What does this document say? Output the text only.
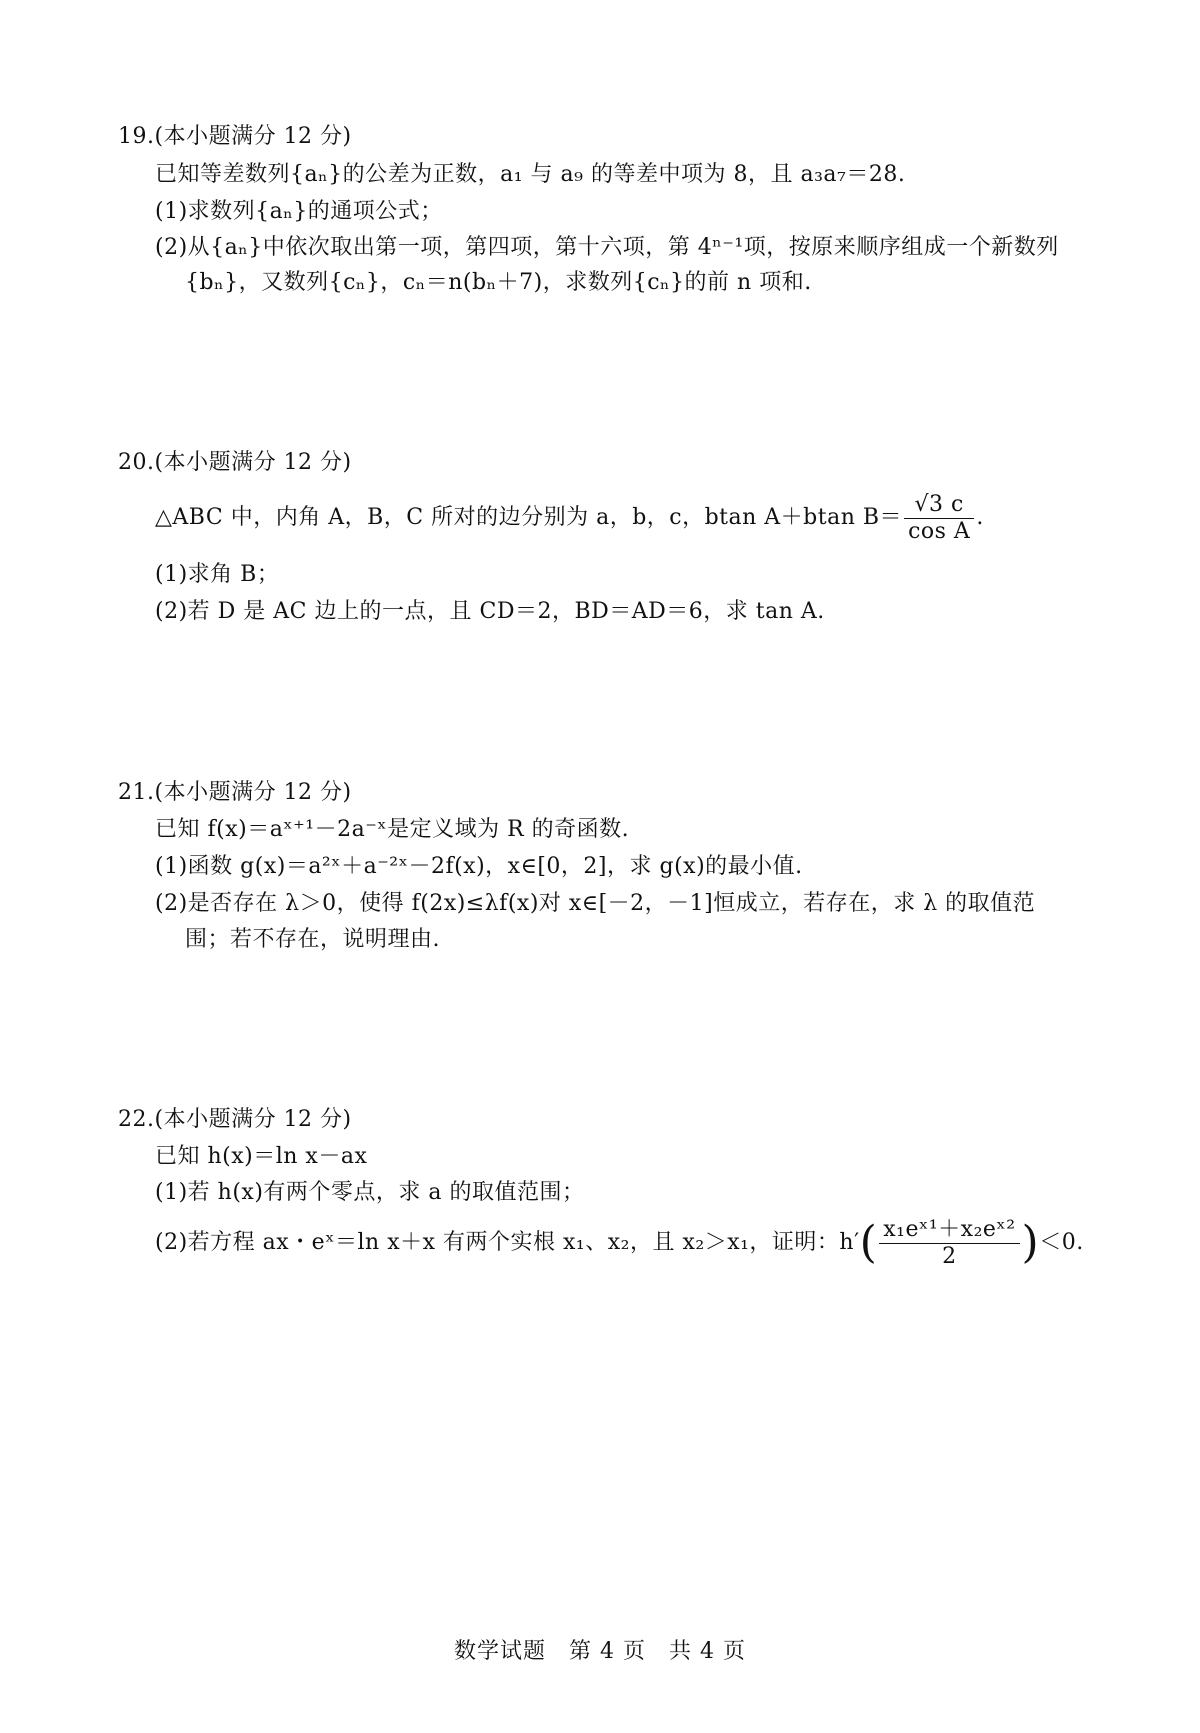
19.(本小题满分 12 分)
已知等差数列{aₙ}的公差为正数，a₁ 与 a₉ 的等差中项为 8，且 a₃a₇＝28.
(1)求数列{aₙ}的通项公式；
(2)从{aₙ}中依次取出第一项，第四项，第十六项，第 4ⁿ⁻¹项，按原来顺序组成一个新数列
{bₙ}，又数列{cₙ}，cₙ＝n(bₙ＋7)，求数列{cₙ}的前 n 项和.
20.(本小题满分 12 分)
△ABC 中，内角 A，B，C 所对的边分别为 a，b，c，btan A＋btan $B= \frac{√3 c}{\text{cos A}}$ .
(1)求角 B；
(2)若 D 是 AC 边上的一点，且 CD＝2，BD＝AD＝6，求 tan A.
21.(本小题满分 12 分)
已知 f(x)＝aˣ⁺¹－2a⁻ˣ是定义域为 R 的奇函数.
(1)函数 g(x)＝a²ˣ＋a⁻²ˣ－2f(x)，x∈[0，2]，求 g(x)的最小值.
(2)是否存在 λ＞0，使得 f(2x)≤λf(x)对 x∈[－2，－1]恒成立，若存在，求 λ 的取值范
围；若不存在，说明理由.
22.(本小题满分 12 分)
已知 h(x)＝ln x－ax
(1)若 h(x)有两个零点，求 a 的取值范围；
(2)若方程 ax・eˣ＝ln x＋x 有两个实根 x₁、x₂，且 x₂＞x₁，证明：$h'( \frac{\text{x₁eˣ¹＋x₂eˣ²}}{2} )<0$.
数学试题　第 4 页　共 4 页
